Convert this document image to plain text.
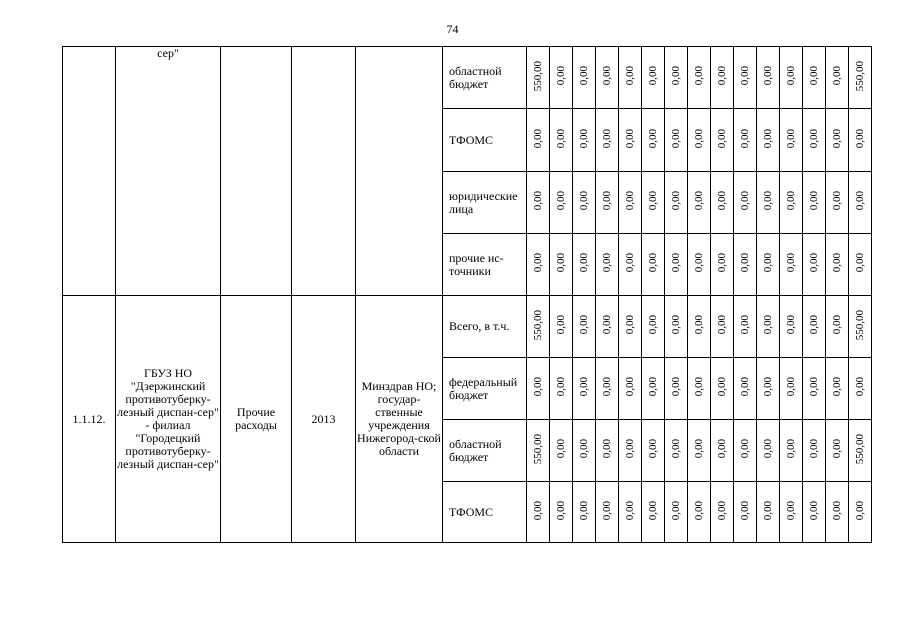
74
	сер"				областной бюджет	550,00	0,00	0,00	0,00	0,00	0,00	0,00	0,00	0,00	0,00	0,00	0,00	0,00	0,00	550,00
					ТФОМС	0,00	0,00	0,00	0,00	0,00	0,00	0,00	0,00	0,00	0,00	0,00	0,00	0,00	0,00	0,00
					юридические лица	0,00	0,00	0,00	0,00	0,00	0,00	0,00	0,00	0,00	0,00	0,00	0,00	0,00	0,00	0,00
					прочие ис-точники	0,00	0,00	0,00	0,00	0,00	0,00	0,00	0,00	0,00	0,00	0,00	0,00	0,00	0,00	0,00
1.1.12.	ГБУЗ НО "Дзержинский противотуберку-лезный диспан-сер" - филиал "Городецкий противотуберку-лезный диспан-сер"	Прочие расходы	2013	Минздрав НО; государ-ственные учреждения Нижегород-ской области	Всего, в т.ч.	550,00	0,00	0,00	0,00	0,00	0,00	0,00	0,00	0,00	0,00	0,00	0,00	0,00	0,00	550,00
					федеральный бюджет	0,00	0,00	0,00	0,00	0,00	0,00	0,00	0,00	0,00	0,00	0,00	0,00	0,00	0,00	0,00
					областной бюджет	550,00	0,00	0,00	0,00	0,00	0,00	0,00	0,00	0,00	0,00	0,00	0,00	0,00	0,00	550,00
					ТФОМС	0,00	0,00	0,00	0,00	0,00	0,00	0,00	0,00	0,00	0,00	0,00	0,00	0,00	0,00	0,00
